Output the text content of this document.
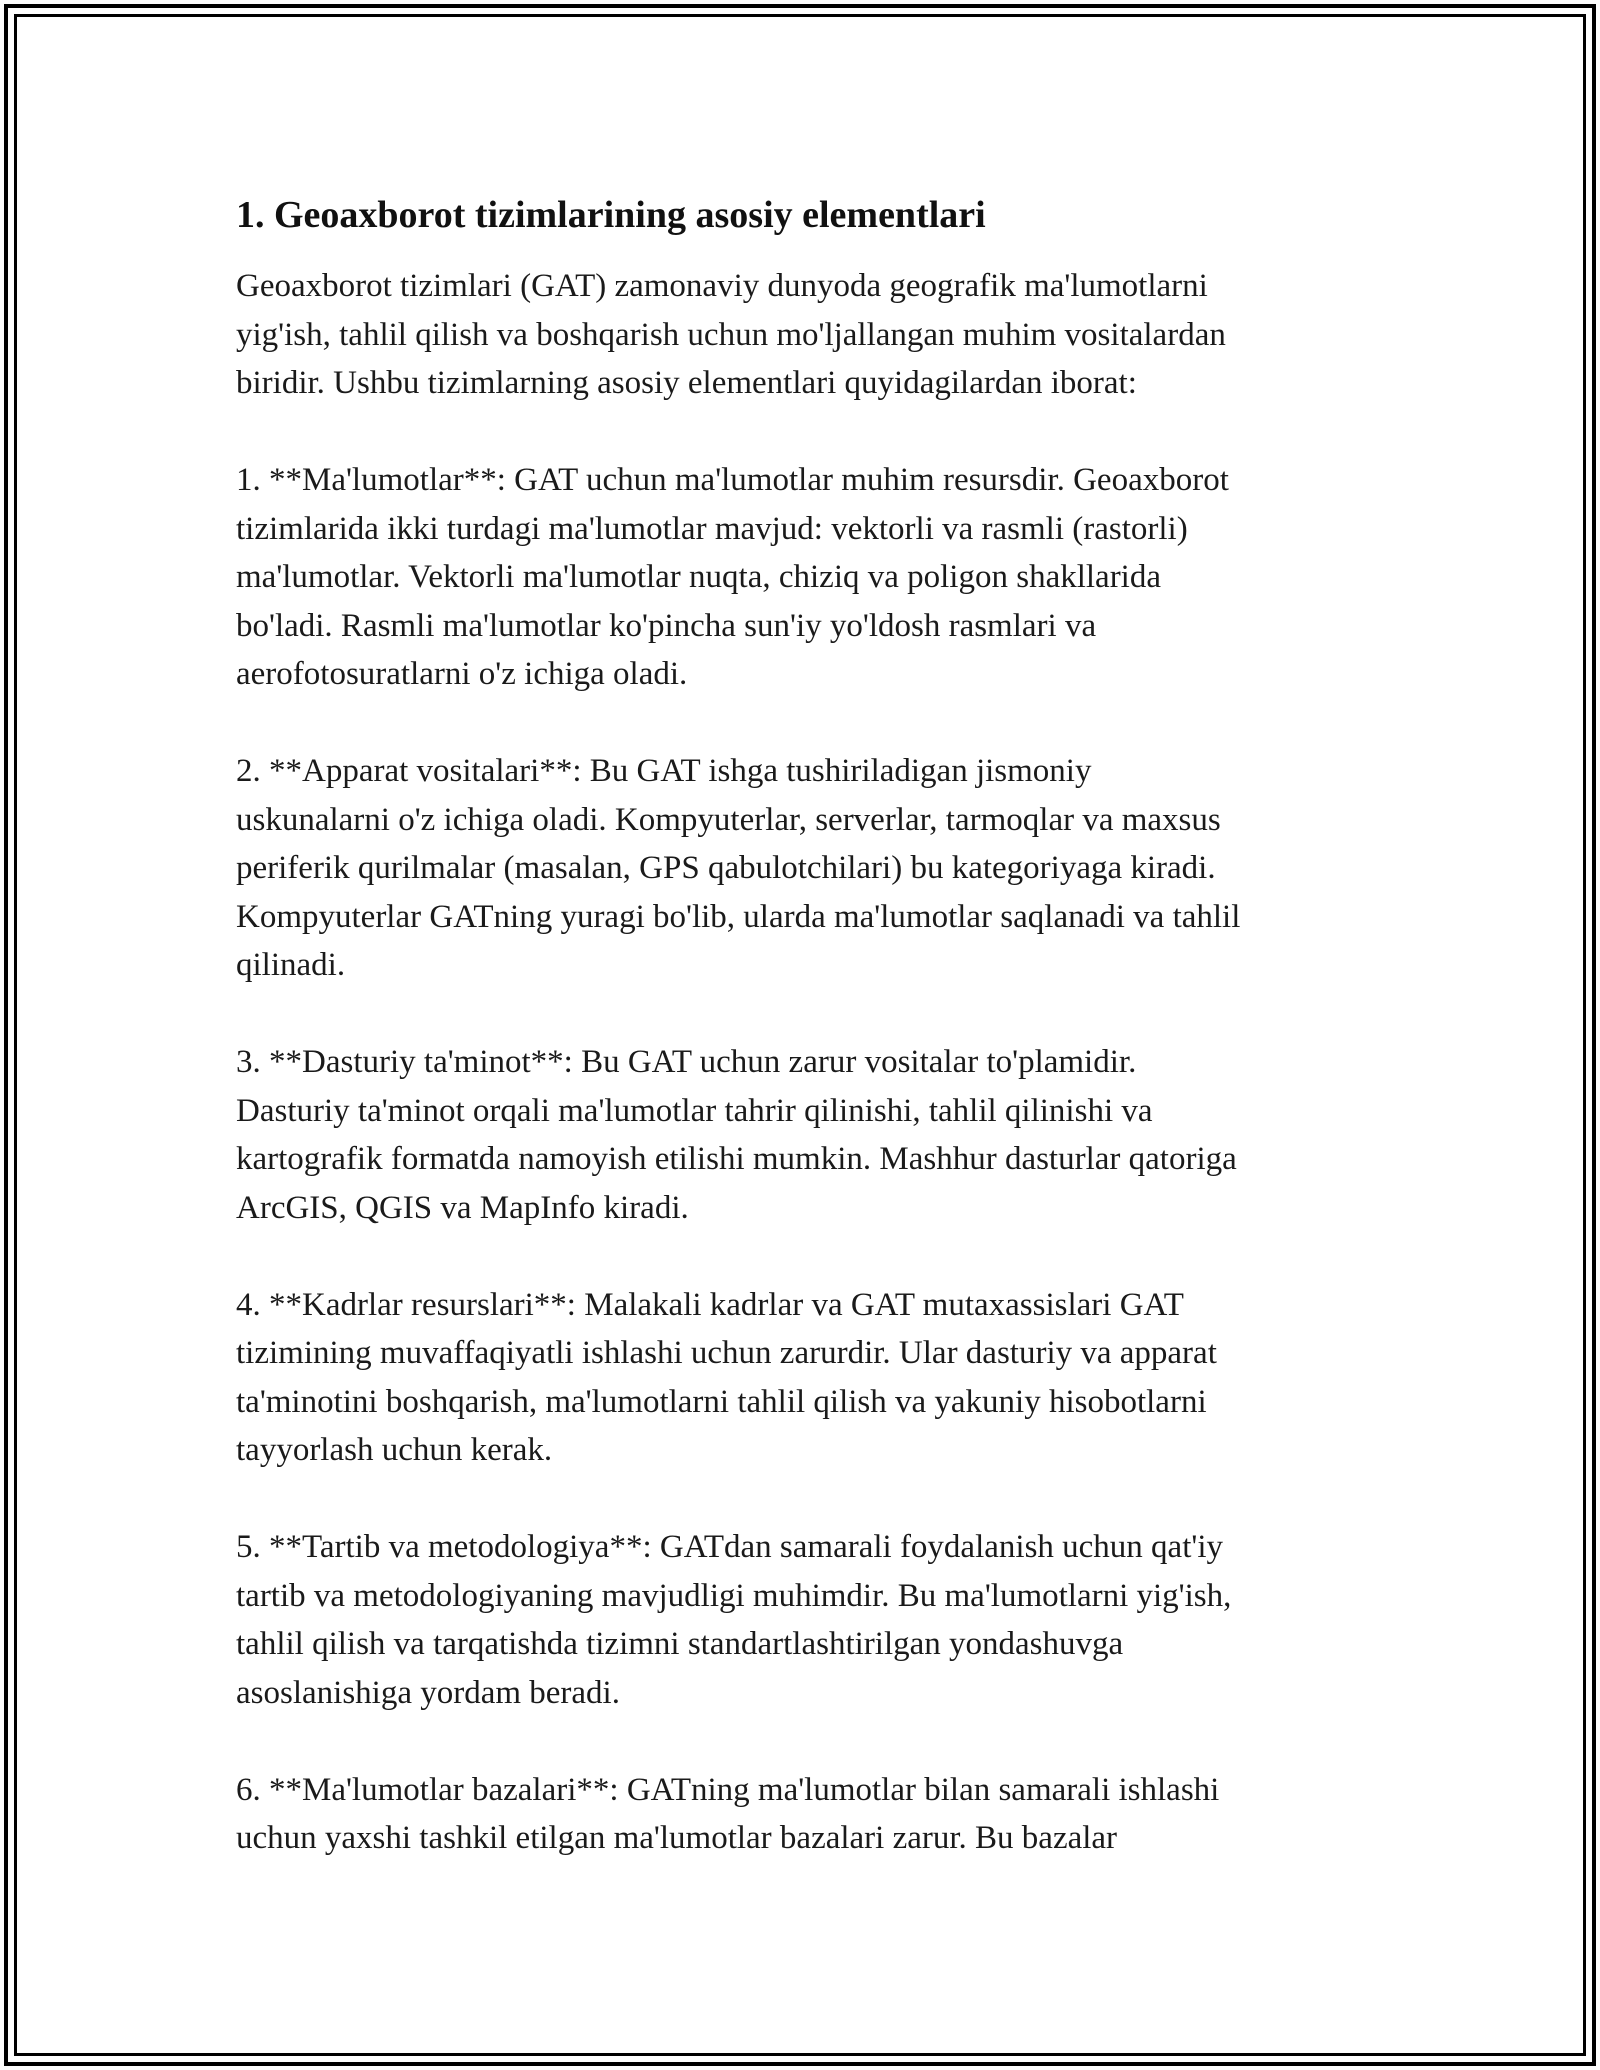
1. Geoaxborot tizimlarining asosiy elementlari

Geoaxborot tizimlari (GAT) zamonaviy dunyoda geografik ma'lumotlarni
yig'ish, tahlil qilish va boshqarish uchun mo'ljallangan muhim vositalardan
biridir. Ushbu tizimlarning asosiy elementlari quyidagilardan iborat:

1. **Ma'lumotlar**: GAT uchun ma'lumotlar muhim resursdir. Geoaxborot
tizimlarida ikki turdagi ma'lumotlar mavjud: vektorli va rasmli (rastorli)
ma'lumotlar. Vektorli ma'lumotlar nuqta, chiziq va poligon shakllarida
bo'ladi. Rasmli ma'lumotlar ko'pincha sun'iy yo'ldosh rasmlari va
aerofotosuratlarni o'z ichiga oladi.

2. **Apparat vositalari**: Bu GAT ishga tushiriladigan jismoniy
uskunalarni o'z ichiga oladi. Kompyuterlar, serverlar, tarmoqlar va maxsus
periferik qurilmalar (masalan, GPS qabulotchilari) bu kategoriyaga kiradi.
Kompyuterlar GATning yuragi bo'lib, ularda ma'lumotlar saqlanadi va tahlil
qilinadi.

3. **Dasturiy ta'minot**: Bu GAT uchun zarur vositalar to'plamidir.
Dasturiy ta'minot orqali ma'lumotlar tahrir qilinishi, tahlil qilinishi va
kartografik formatda namoyish etilishi mumkin. Mashhur dasturlar qatoriga
ArcGIS, QGIS va MapInfo kiradi.

4. **Kadrlar resurslari**: Malakali kadrlar va GAT mutaxassislari GAT
tizimining muvaffaqiyatli ishlashi uchun zarurdir. Ular dasturiy va apparat
ta'minotini boshqarish, ma'lumotlarni tahlil qilish va yakuniy hisobotlarni
tayyorlash uchun kerak.

5. **Tartib va metodologiya**: GATdan samarali foydalanish uchun qat'iy
tartib va metodologiyaning mavjudligi muhimdir. Bu ma'lumotlarni yig'ish,
tahlil qilish va tarqatishda tizimni standartlashtirilgan yondashuvga
asoslanishiga yordam beradi.

6. **Ma'lumotlar bazalari**: GATning ma'lumotlar bilan samarali ishlashi
uchun yaxshi tashkil etilgan ma'lumotlar bazalari zarur. Bu bazalar
